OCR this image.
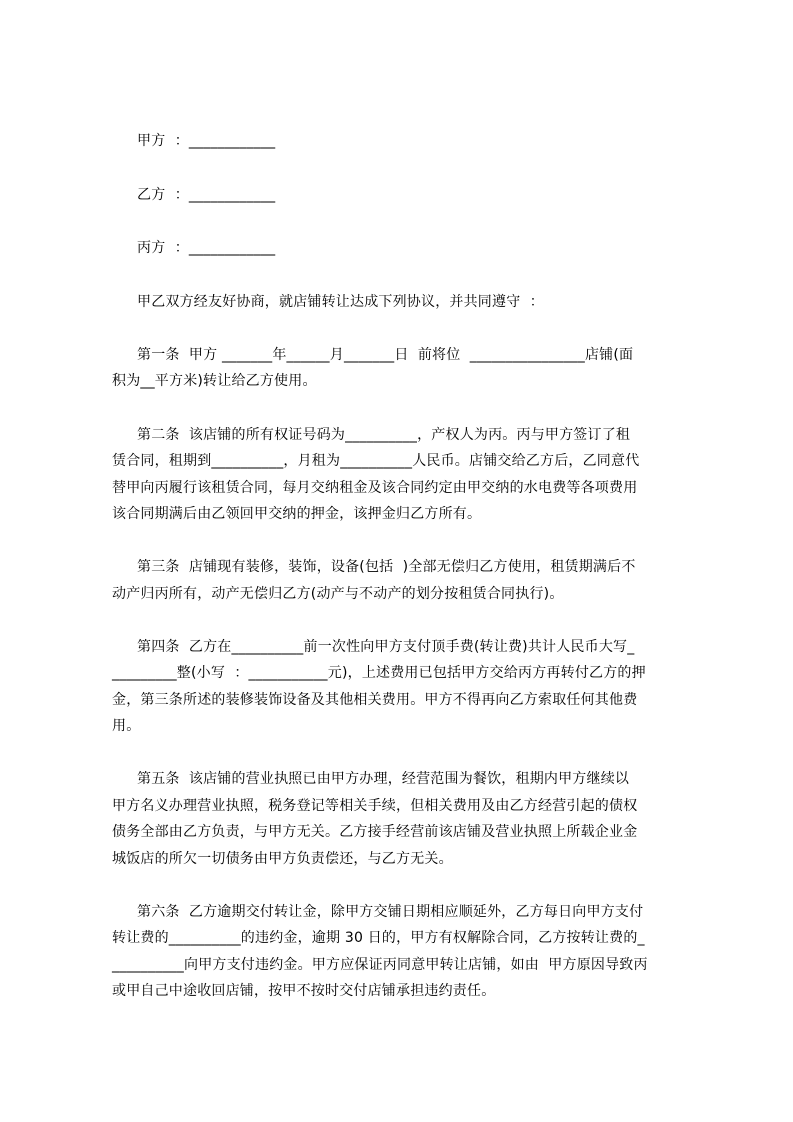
甲方  ：____________
乙方  ：____________
丙方  ：____________
甲乙双方经友好协商，就店铺转让达成下列协议，并共同遵守  ：
第一条  甲方 _______年______月_______日  前将位  ________________店铺(面
积为__平方米)转让给乙方使用。
第二条  该店铺的所有权证号码为__________，产权人为丙。丙与甲方签订了租
赁合同，租期到__________，月租为__________人民币。店铺交给乙方后，乙同意代
替甲向丙履行该租赁合同，每月交纳租金及该合同约定由甲交纳的水电费等各项费用
该合同期满后由乙领回甲交纳的押金，该押金归乙方所有。
第三条  店铺现有装修，装饰，设备(包括  )全部无偿归乙方使用，租赁期满后不
动产归丙所有，动产无偿归乙方(动产与不动产的划分按租赁合同执行)。
第四条  乙方在__________前一次性向甲方支付顶手费(转让费)共计人民币大写_
_________整(小写  ：___________元)，上述费用已包括甲方交给丙方再转付乙方的押
金，第三条所述的装修装饰设备及其他相关费用。甲方不得再向乙方索取任何其他费
用。
第五条  该店铺的营业执照已由甲方办理，经营范围为餐饮，租期内甲方继续以
甲方名义办理营业执照，税务登记等相关手续，但相关费用及由乙方经营引起的债权
债务全部由乙方负责，与甲方无关。乙方接手经营前该店铺及营业执照上所载企业金
城饭店的所欠一切债务由甲方负责偿还，与乙方无关。
第六条  乙方逾期交付转让金，除甲方交铺日期相应顺延外，乙方每日向甲方支付
转让费的__________的违约金，逾期 30 日的，甲方有权解除合同，乙方按转让费的_
__________向甲方支付违约金。甲方应保证丙同意甲转让店铺，如由  甲方原因导致丙
或甲自己中途收回店铺，按甲不按时交付店铺承担违约责任。
